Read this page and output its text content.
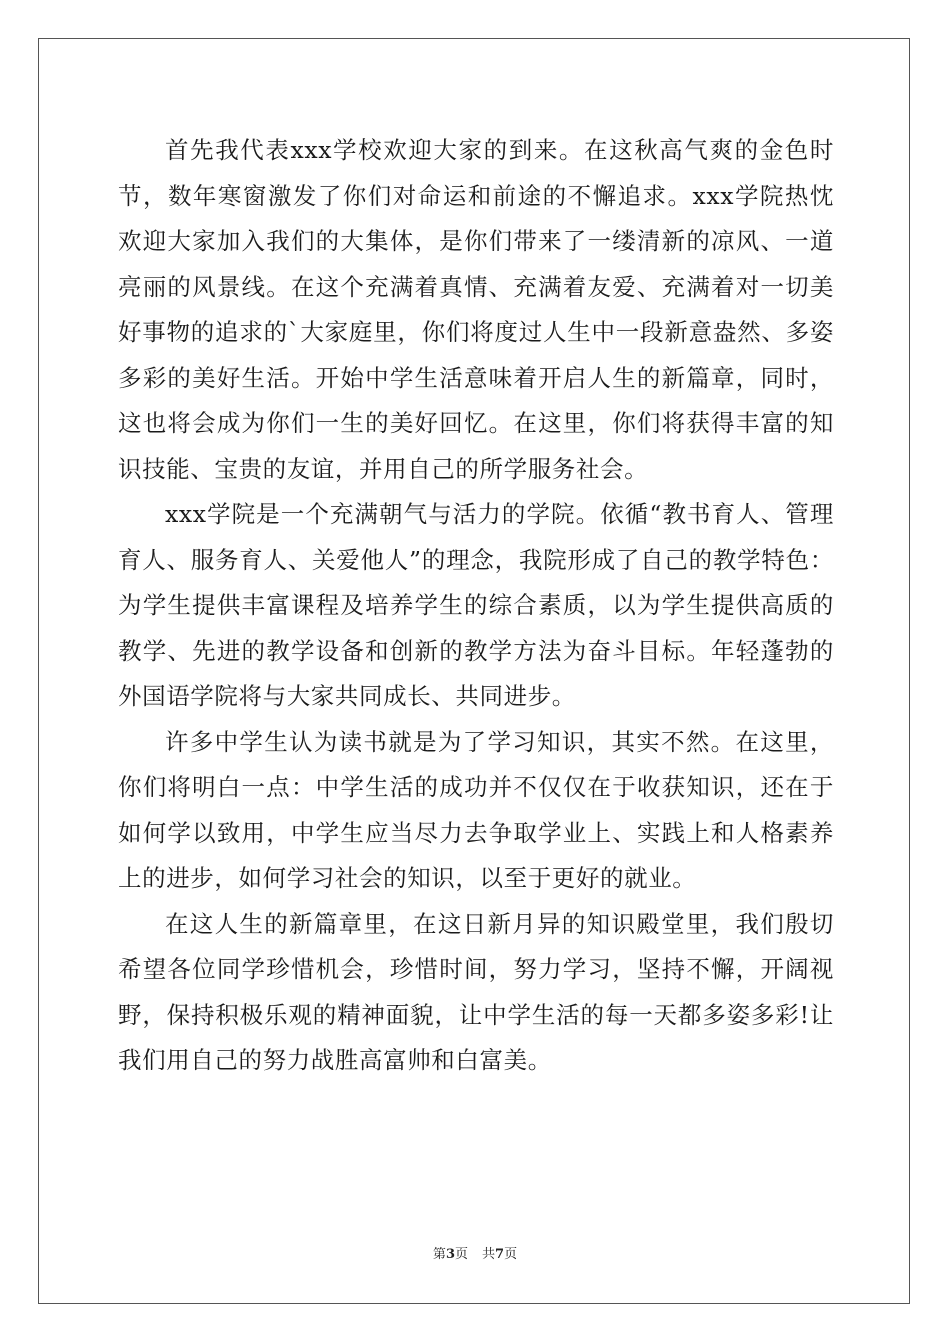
首先我代表xxx学校欢迎大家的到来。在这秋高气爽的金色时节，数年寒窗激发了你们对命运和前途的不懈追求。xxx学院热忱欢迎大家加入我们的大集体，是你们带来了一缕清新的凉风、一道亮丽的风景线。在这个充满着真情、充满着友爱、充满着对一切美好事物的追求的`大家庭里，你们将度过人生中一段新意盎然、多姿多彩的美好生活。开始中学生活意味着开启人生的新篇章，同时，这也将会成为你们一生的美好回忆。在这里，你们将获得丰富的知识技能、宝贵的友谊，并用自己的所学服务社会。

xxx学院是一个充满朝气与活力的学院。依循“教书育人、管理育人、服务育人、关爱他人”的理念，我院形成了自己的教学特色：为学生提供丰富课程及培养学生的综合素质，以为学生提供高质的教学、先进的教学设备和创新的教学方法为奋斗目标。年轻蓬勃的外国语学院将与大家共同成长、共同进步。

许多中学生认为读书就是为了学习知识，其实不然。在这里，你们将明白一点：中学生活的成功并不仅仅在于收获知识，还在于如何学以致用，中学生应当尽力去争取学业上、实践上和人格素养上的进步，如何学习社会的知识，以至于更好的就业。

在这人生的新篇章里，在这日新月异的知识殿堂里，我们殷切希望各位同学珍惜机会，珍惜时间，努力学习，坚持不懈，开阔视野，保持积极乐观的精神面貌，让中学生活的每一天都多姿多彩!让我们用自己的努力战胜高富帅和白富美。

第3页 共7页
